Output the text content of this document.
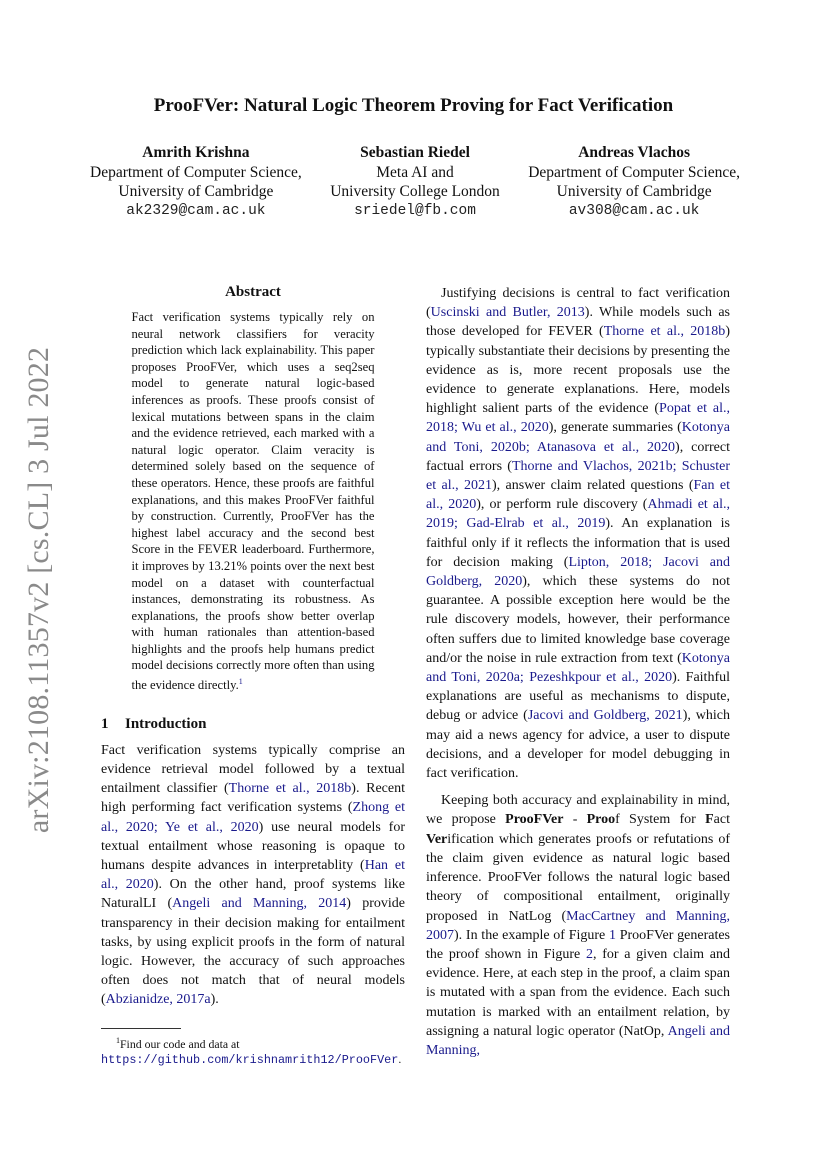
arXiv:2108.11357v2 [cs.CL] 3 Jul 2022
ProoFVer: Natural Logic Theorem Proving for Fact Verification
Amrith Krishna
Department of Computer Science,
University of Cambridge
ak2329@cam.ac.uk
Sebastian Riedel
Meta AI and
University College London
sriedel@fb.com
Andreas Vlachos
Department of Computer Science,
University of Cambridge
av308@cam.ac.uk
Abstract
Fact verification systems typically rely on neural network classifiers for veracity prediction which lack explainability. This paper proposes ProoFVer, which uses a seq2seq model to generate natural logic-based inferences as proofs. These proofs consist of lexical mutations between spans in the claim and the evidence retrieved, each marked with a natural logic operator. Claim veracity is determined solely based on the sequence of these operators. Hence, these proofs are faithful explanations, and this makes ProoFVer faithful by construction. Currently, ProoFVer has the highest label accuracy and the second best Score in the FEVER leaderboard. Furthermore, it improves by 13.21% points over the next best model on a dataset with counterfactual instances, demonstrating its robustness. As explanations, the proofs show better overlap with human rationales than attention-based highlights and the proofs help humans predict model decisions correctly more often than using the evidence directly.$^1$
1 Introduction

Fact verification systems typically comprise an evidence retrieval model followed by a textual entailment classifier (Thorne et al., 2018b). Recent high performing fact verification systems (Zhong et al., 2020; Ye et al., 2020) use neural models for textual entailment whose reasoning is opaque to humans despite advances in interpretablity (Han et al., 2020). On the other hand, proof systems like NaturalLI (Angeli and Manning, 2014) provide transparency in their decision making for entailment tasks, by using explicit proofs in the form of natural logic. However, the accuracy of such approaches often does not match that of neural models (Abzianidze, 2017a).

Justifying decisions is central to fact verification (Uscinski and Butler, 2013). While models such as those developed for FEVER (Thorne et al., 2018b) typically substantiate their decisions by presenting the evidence as is, more recent proposals use the evidence to generate explanations. Here, models highlight salient parts of the evidence (Popat et al., 2018; Wu et al., 2020), generate summaries (Kotonya and Toni, 2020b; Atanasova et al., 2020), correct factual errors (Thorne and Vlachos, 2021b; Schuster et al., 2021), answer claim related questions (Fan et al., 2020), or perform rule discovery (Ahmadi et al., 2019; Gad-Elrab et al., 2019). An explanation is faithful only if it reflects the information that is used for decision making (Lipton, 2018; Jacovi and Goldberg, 2020), which these systems do not guarantee. A possible exception here would be the rule discovery models, however, their performance often suffers due to limited knowledge base coverage and/or the noise in rule extraction from text (Kotonya and Toni, 2020a; Pezeshkpour et al., 2020). Faithful explanations are useful as mechanisms to dispute, debug or advice (Jacovi and Goldberg, 2021), which may aid a news agency for advice, a user to dispute decisions, and a developer for model debugging in fact verification.

Keeping both accuracy and explainability in mind, we propose ProoFVer - Proof System for Fact Verification which generates proofs or refutations of the claim given evidence as natural logic based inference. ProoFVer follows the natural logic based theory of compositional entailment, originally proposed in NatLog (MacCartney and Manning, 2007). In the example of Figure 1 ProoFVer generates the proof shown in Figure 2, for a given claim and evidence. Here, at each step in the proof, a claim span is mutated with a span from the evidence. Each such mutation is marked with an entailment relation, by assigning a natural logic operator (NatOp, Angeli and Manning,

$^1$Find our code and data at https://github.com/krishnamrith12/ProoFVer.
